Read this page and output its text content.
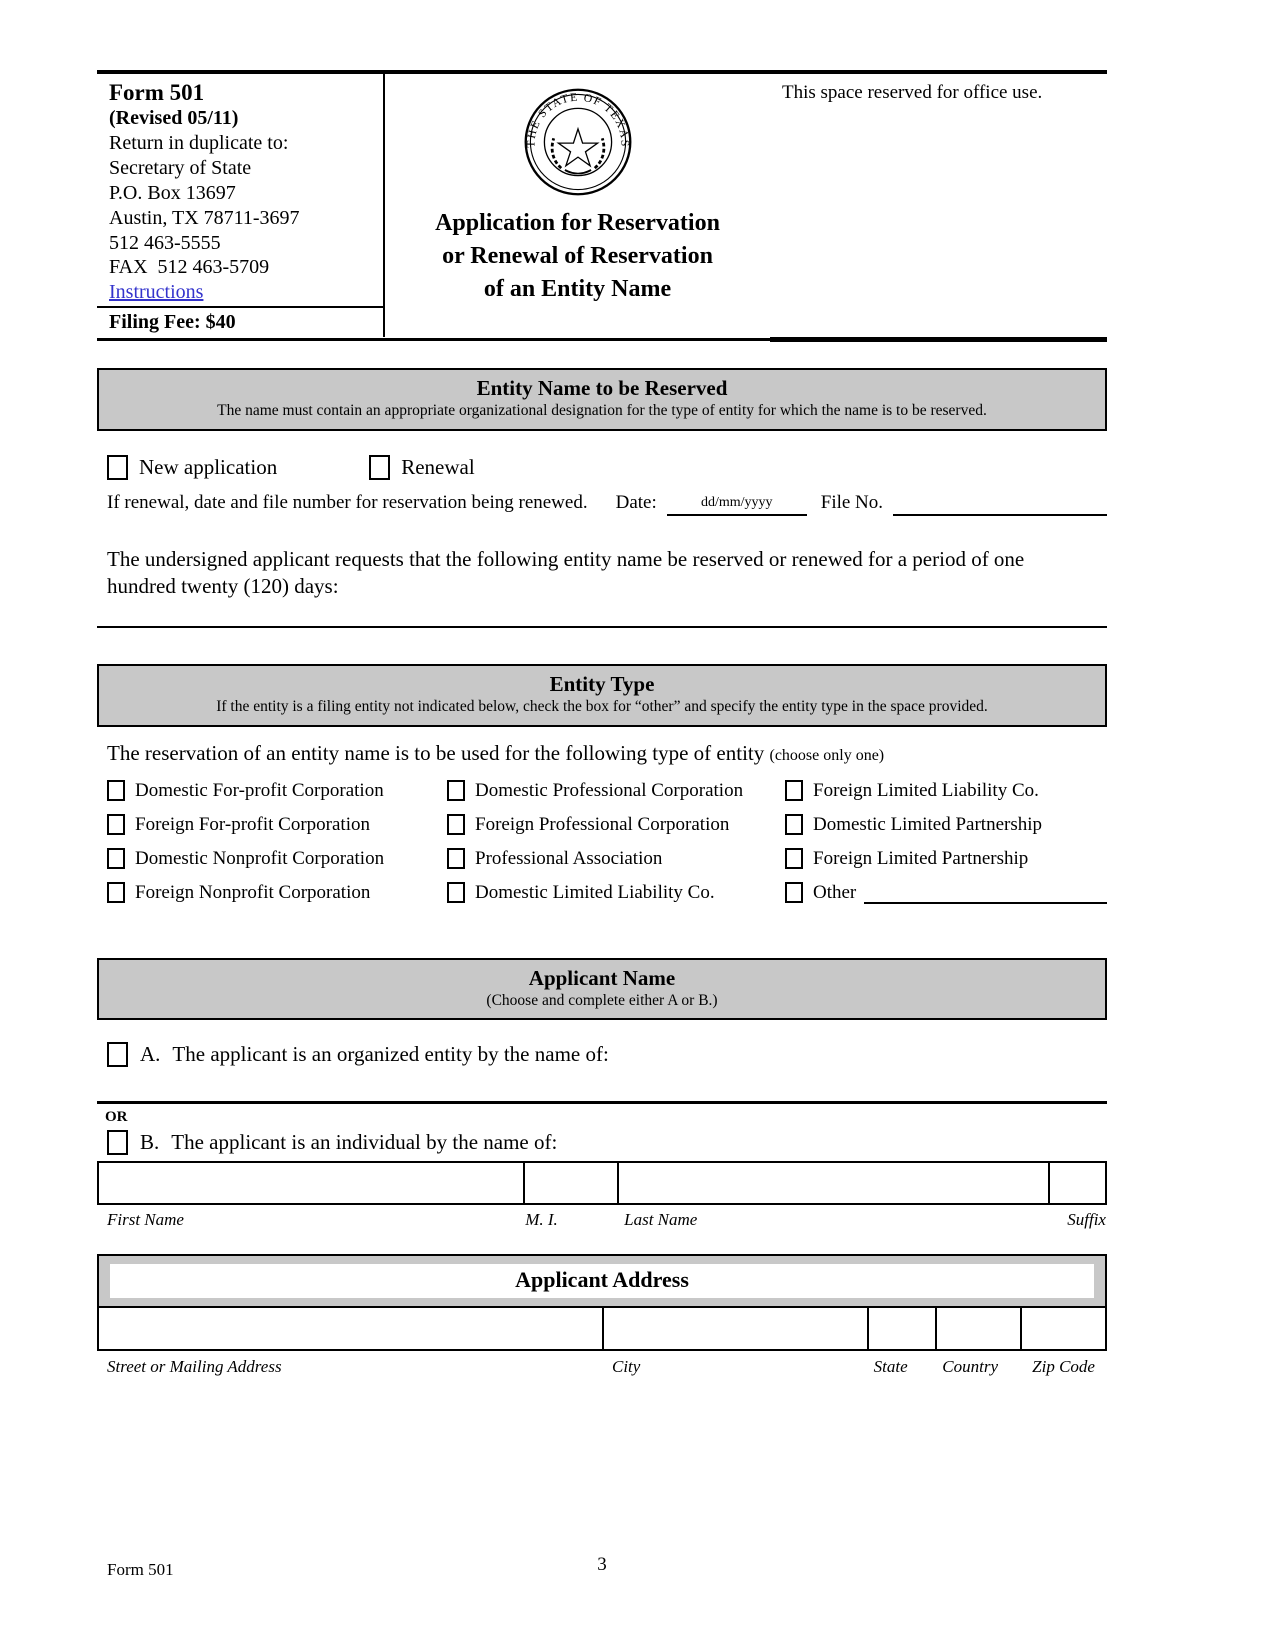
Form 501
(Revised 05/11)
Return in duplicate to:
Secretary of State
P.O. Box 13697
Austin, TX 78711-3697
512 463-5555
FAX  512 463-5709
Instructions
Filing Fee: $40
THE STATE OF TEXAS
Application for Reservation
or Renewal of Reservation
of an Entity Name
This space reserved for office use.
Entity Name to be Reserved
The name must contain an appropriate organizational designation for the type of entity for which the name is to be reserved.
New application	Renewal
If renewal, date and file number for reservation being renewed. Date:
	dd/mm/yyyy	File No.

The undersigned applicant requests that the following entity name be reserved or renewed for a period of one hundred twenty (120) days:
Entity Type
If the entity is a filing entity not indicated below, check the box for “other” and specify the entity type in the space provided.
The reservation of an entity name is to be used for the following type of entity (choose only one)
Domestic For-profit Corporation	Domestic Professional Corporation	Foreign Limited Liability Co.
Foreign For-profit Corporation	Foreign Professional Corporation	Domestic Limited Partnership
Domestic Nonprofit Corporation	Professional Association	Foreign Limited Partnership
Foreign Nonprofit Corporation	Domestic Limited Liability Co.	Other
Applicant Name
(Choose and complete either A or B.)
A. The applicant is an organized entity by the name of:
OR
B. The applicant is an individual by the name of:
First Name	M. I.	Last Name	Suffix
Applicant Address
Street or Mailing Address	City	State	Country	Zip Code
Form 501	3
